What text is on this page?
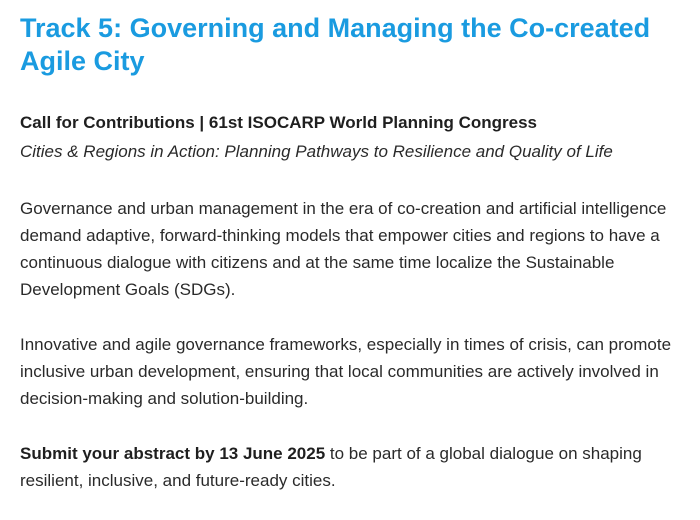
Track 5: Governing and Managing the Co-created Agile City

Call for Contributions | 61st ISOCARP World Planning Congress

Cities & Regions in Action: Planning Pathways to Resilience and Quality of Life

Governance and urban management in the era of co-creation and artificial intelligence demand adaptive, forward-thinking models that empower cities and regions to have a continuous dialogue with citizens and at the same time localize the Sustainable Development Goals (SDGs).

Innovative and agile governance frameworks, especially in times of crisis, can promote inclusive urban development, ensuring that local communities are actively involved in decision-making and solution-building.

Submit your abstract by 13 June 2025 to be part of a global dialogue on shaping resilient, inclusive, and future-ready cities.
